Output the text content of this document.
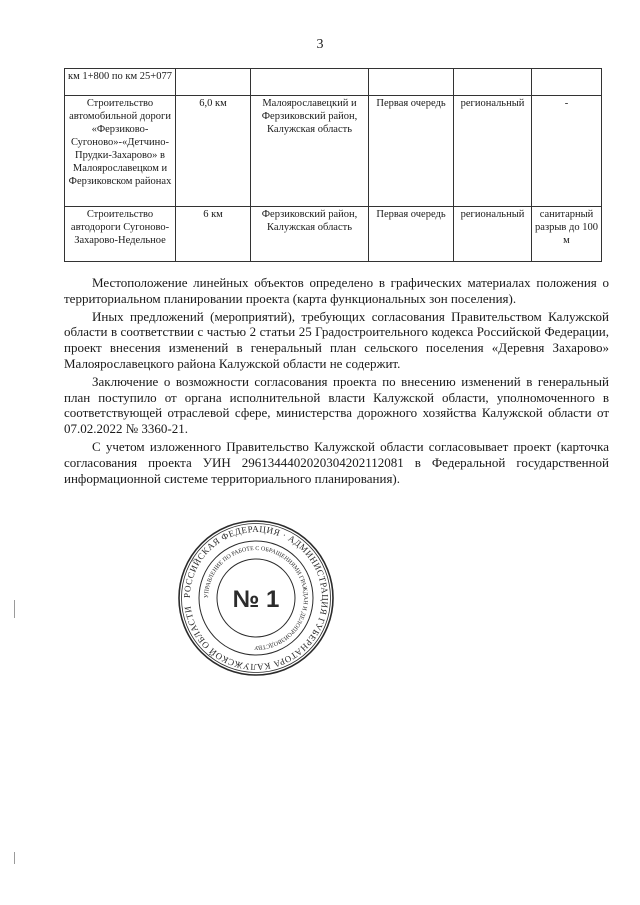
3
км 1+800 по км 25+077					
Строительство автомобильной дороги «Ферзиково-Сугоново»-«Детчино-Прудки-Захарово» в Малоярославецком и Ферзиковском районах	6,0 км	Малоярославецкий и Ферзиковский район, Калужская область	Первая очередь	региональный	-
Строительство автодороги Сугоново-Захарово-Недельное	6 км	Ферзиковский район, Калужская область	Первая очередь	региональный	санитарный разрыв до 100 м

Местоположение линейных объектов определено в графических материалах положения о территориальном планировании проекта (карта функциональных зон поселения).

Иных предложений (мероприятий), требующих согласования Правительством Калужской области в соответствии с частью 2 статьи 25 Градостроительного кодекса Российской Федерации, проект внесения изменений в генеральный план сельского поселения «Деревня Захарово» Малоярославецкого района Калужской области не содержит.

Заключение о возможности согласования проекта по внесению изменений в генеральный план поступило от органа исполнительной власти Калужской области, уполномоченного в соответствующей отраслевой сфере, министерства дорожного хозяйства Калужской области от 07.02.2022 № 3360-21.

С учетом изложенного Правительство Калужской области согласовывает проект (карточка согласования проекта УИН 29613444020203042021120​81 в Федеральной государственной информационной системе территориального планирования).

РОССИЙСКАЯ ФЕДЕРАЦИЯ · АДМИНИСТРАЦИЯ ГУБЕРНАТОРА КАЛУЖСКОЙ ОБЛАСТИ
УПРАВЛЕНИЕ ПО РАБОТЕ С ОБРАЩЕНИЯМИ ГРАЖДАН И ДЕЛОПРОИЗВОДСТВУ
№ 1
